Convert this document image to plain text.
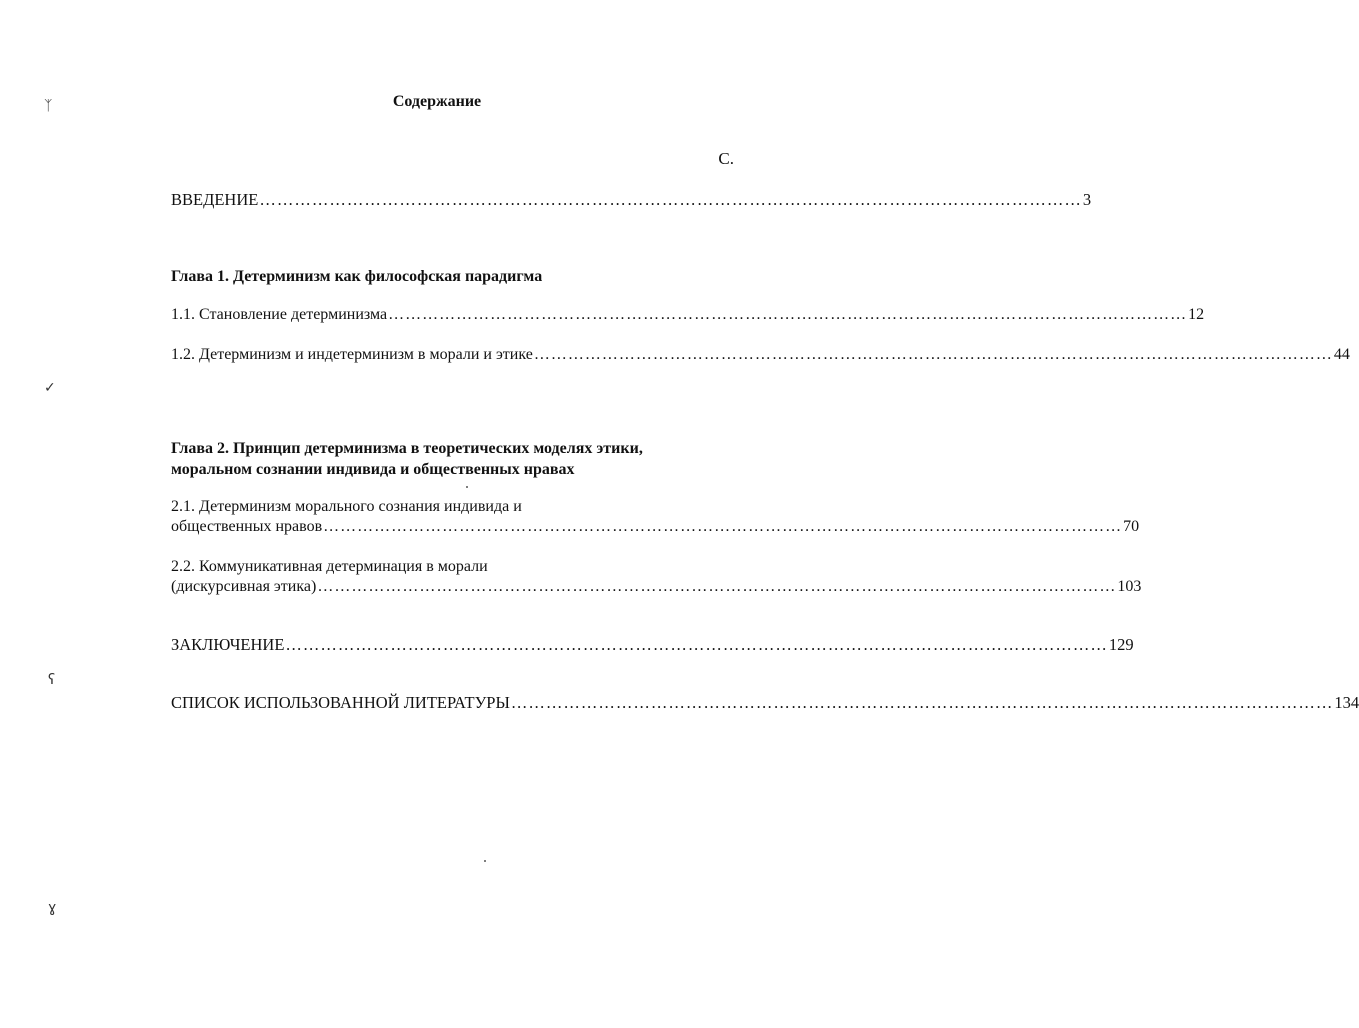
ᛉ
✓
ʕ
ɣ
Содержание
С.
ВВЕДЕНИЕ …………………………………………………………………………………………………………………………… 3
Глава 1. Детерминизм как философская парадигма
1.1. Становление детерминизма …………………………………………………………………………………………………………………………… 12
1.2. Детерминизм и индетерминизм в морали и этике …………………………………………………………………………………………………………………………… 44
Глава 2. Принцип детерминизма в теоретических моделях этики,
моральном сознании индивида и общественных нравах
2.1. Детерминизм морального сознания индивида и
общественных нравов …………………………………………………………………………………………………………………………… 70
2.2. Коммуникативная детерминация в морали
(дискурсивная этика) …………………………………………………………………………………………………………………………… 103
ЗАКЛЮЧЕНИЕ …………………………………………………………………………………………………………………………… 129
СПИСОК ИСПОЛЬЗОВАННОЙ ЛИТЕРАТУРЫ …………………………………………………………………………………………………………………………… 134
